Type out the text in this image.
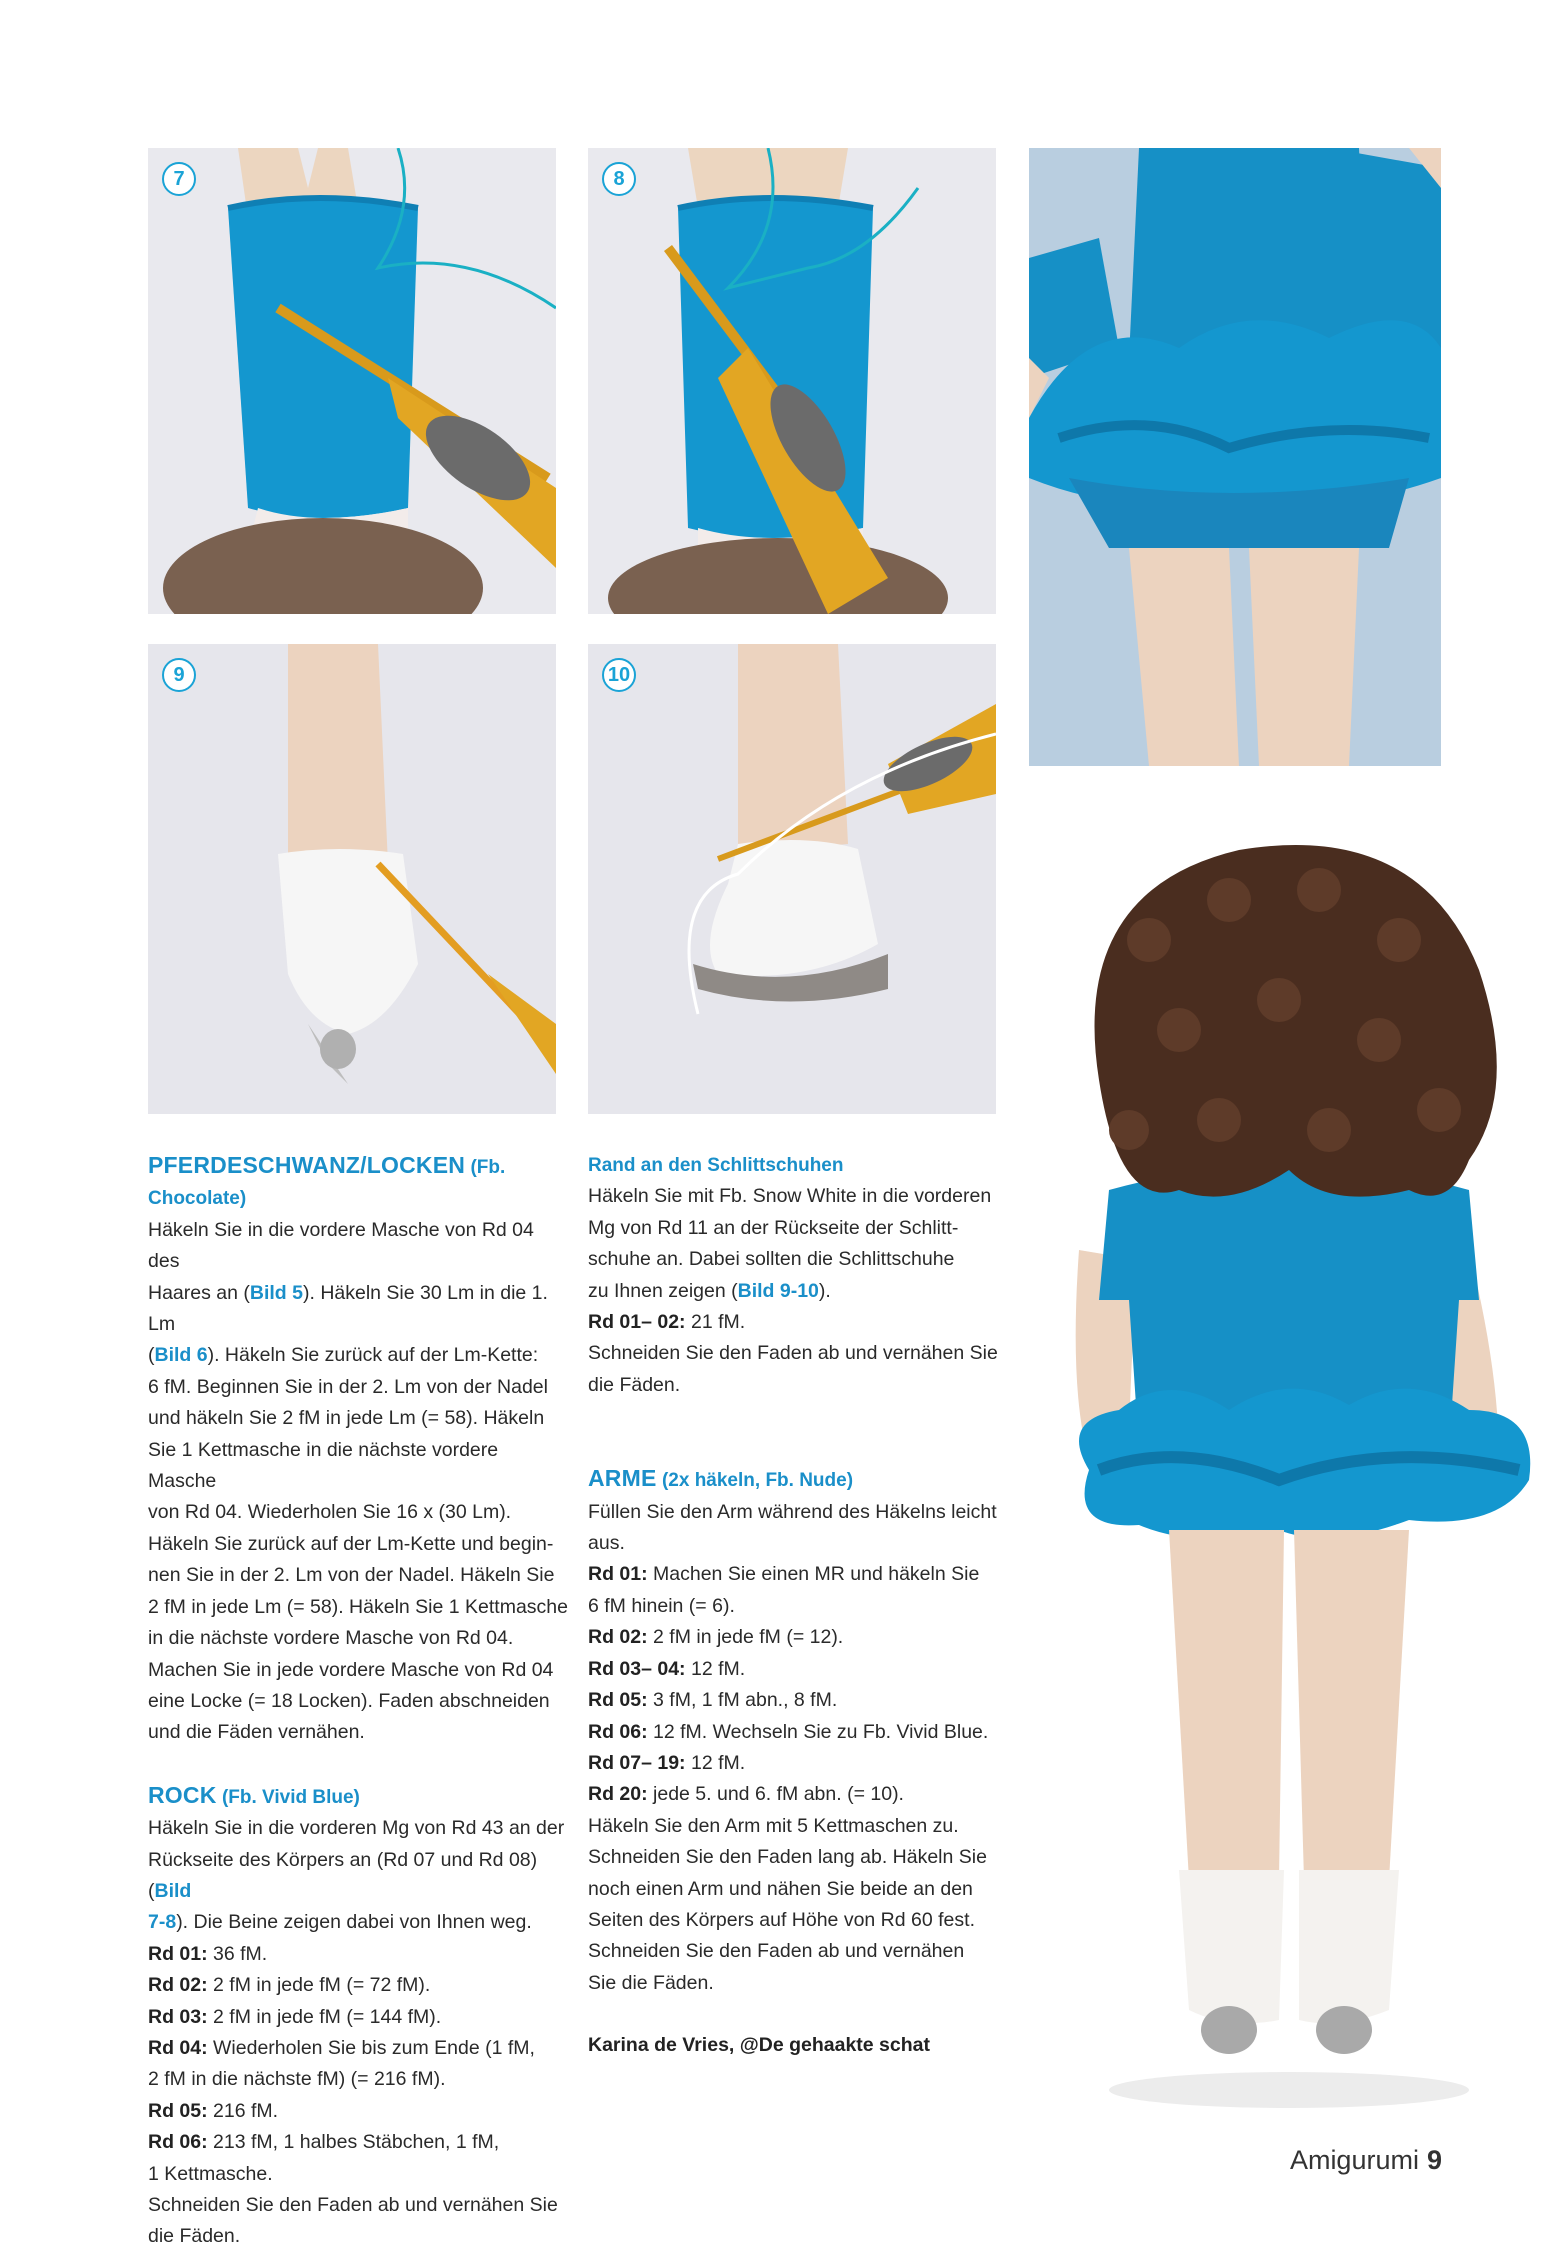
7	8
9	10

PFERDESCHWANZ/LOCKEN (Fb. Chocolate)

Häkeln Sie in die vordere Masche von Rd 04 des

Haares an (Bild 5). Häkeln Sie 30 Lm in die 1. Lm

(Bild 6). Häkeln Sie zurück auf der Lm-Kette:

6 fM. Beginnen Sie in der 2. Lm von der Nadel

und häkeln Sie 2 fM in jede Lm (= 58). Häkeln

Sie 1 Kettmasche in die nächste vordere Masche

von Rd 04. Wiederholen Sie 16 x (30 Lm).

Häkeln Sie zurück auf der Lm-Kette und begin-

nen Sie in der 2. Lm von der Nadel. Häkeln Sie

2 fM in jede Lm (= 58). Häkeln Sie 1 Kettmasche

in die nächste vordere Masche von Rd 04.

Machen Sie in jede vordere Masche von Rd 04

eine Locke (= 18 Locken). Faden abschneiden

und die Fäden vernähen.

ROCK (Fb. Vivid Blue)

Häkeln Sie in die vorderen Mg von Rd 43 an der

Rückseite des Körpers an (Rd 07 und Rd 08) (Bild

7-8). Die Beine zeigen dabei von Ihnen weg.

Rd 01: 36 fM.

Rd 02: 2 fM in jede fM (= 72 fM).

Rd 03: 2 fM in jede fM (= 144 fM).

Rd 04: Wiederholen Sie bis zum Ende (1 fM,

2 fM in die nächste fM) (= 216 fM).

Rd 05: 216 fM.

Rd 06: 213 fM, 1 halbes Stäbchen, 1 fM,

1 Kettmasche.

Schneiden Sie den Faden ab und vernähen Sie

die Fäden.

Rand an den Schlittschuhen

Häkeln Sie mit Fb. Snow White in die vorderen

Mg von Rd 11 an der Rückseite der Schlitt-

schuhe an. Dabei sollten die Schlittschuhe

zu Ihnen zeigen (Bild 9-10).

Rd 01– 02: 21 fM.

Schneiden Sie den Faden ab und vernähen Sie

die Fäden.

ARME (2x häkeln, Fb. Nude)

Füllen Sie den Arm während des Häkelns leicht

aus.

Rd 01: Machen Sie einen MR und häkeln Sie

6 fM hinein (= 6).

Rd 02: 2 fM in jede fM (= 12).

Rd 03– 04: 12 fM.

Rd 05: 3 fM, 1 fM abn., 8 fM.

Rd 06: 12 fM. Wechseln Sie zu Fb. Vivid Blue.

Rd 07– 19: 12 fM.

Rd 20: jede 5. und 6. fM abn. (= 10).

Häkeln Sie den Arm mit 5 Kettmaschen zu.

Schneiden Sie den Faden lang ab. Häkeln Sie

noch einen Arm und nähen Sie beide an den

Seiten des Körpers auf Höhe von Rd 60 fest.

Schneiden Sie den Faden ab und vernähen

Sie die Fäden.

Karina de Vries, @De gehaakte schat

Amigurumi 9
